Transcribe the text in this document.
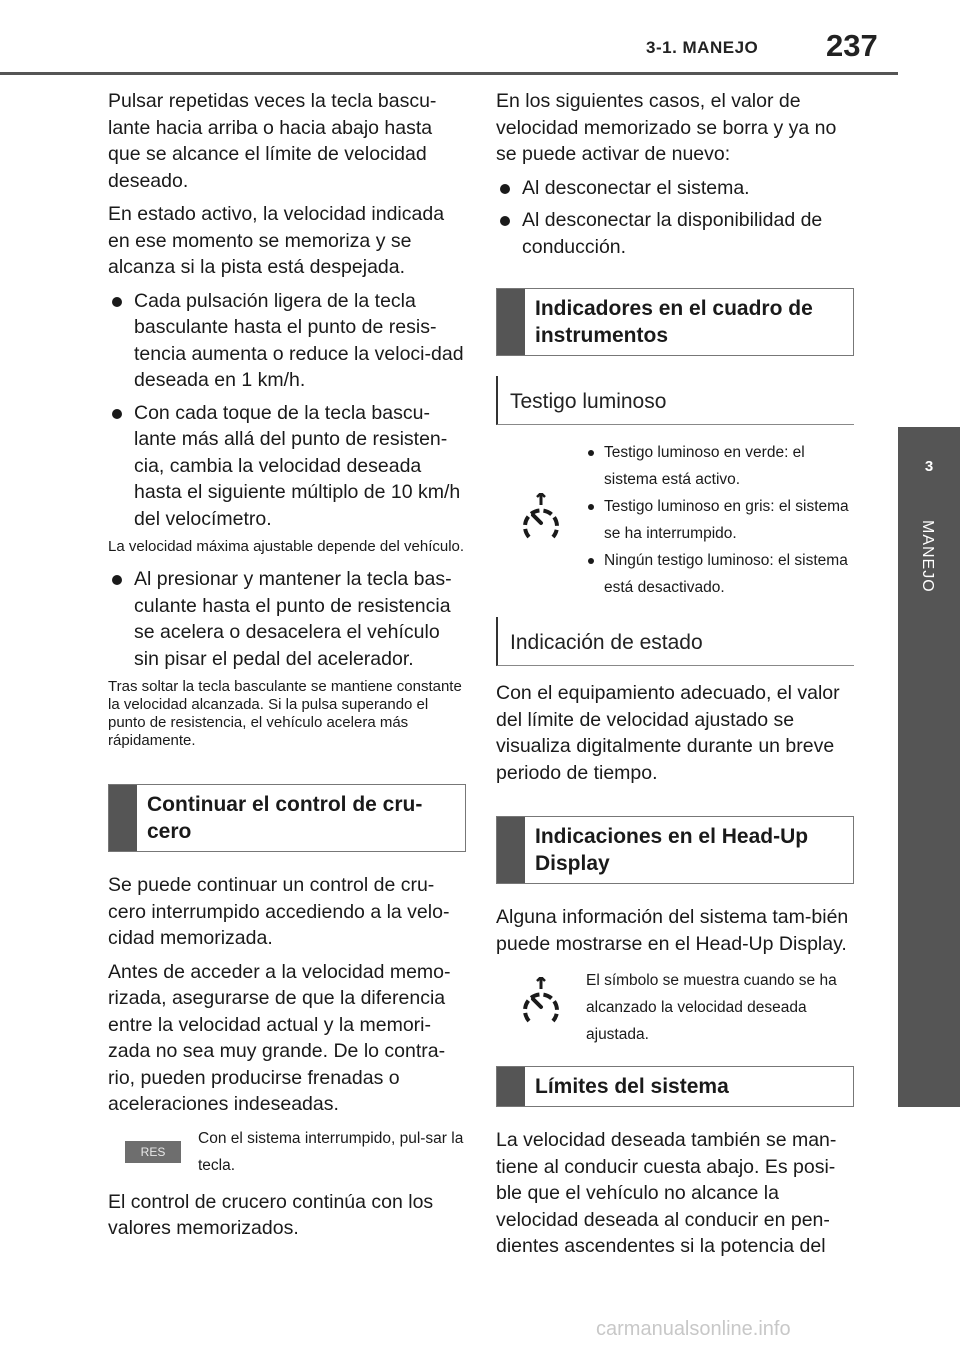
3-1. MANEJO 237
3
MANEJO

Pulsar repetidas veces la tecla bascu-lante hacia arriba o hacia abajo hasta que se alcance el límite de velocidad deseado.

En estado activo, la velocidad indicada en ese momento se memoriza y se alcanza si la pista está despejada.

Cada pulsación ligera de la tecla basculante hasta el punto de resis-tencia aumenta o reduce la veloci-dad deseada en 1 km/h.
Con cada toque de la tecla bascu-lante más allá del punto de resisten-cia, cambia la velocidad deseada hasta el siguiente múltiplo de 10 km/h del velocímetro.

La velocidad máxima ajustable depende del vehículo.

Al presionar y mantener la tecla bas-culante hasta el punto de resistencia se acelera o desacelera el vehículo sin pisar el pedal del acelerador.

Tras soltar la tecla basculante se mantiene constante la velocidad alcanzada. Si la pulsa superando el punto de resistencia, el vehículo acelera más rápidamente.

Continuar el control de cru-cero

Se puede continuar un control de cru-cero interrumpido accediendo a la velo-cidad memorizada.

Antes de acceder a la velocidad memo-rizada, asegurarse de que la diferencia entre la velocidad actual y la memori-zada no sea muy grande. De lo contra-rio, pueden producirse frenadas o aceleraciones indeseadas.

RES
Con el sistema interrumpido, pul-sar la tecla.

El control de crucero continúa con los valores memorizados.

En los siguientes casos, el valor de velocidad memorizado se borra y ya no se puede activar de nuevo:

Al desconectar el sistema.
Al desconectar la disponibilidad de conducción.
Indicadores en el cuadro de instrumentos
Testigo luminoso
Testigo luminoso en verde: el sistema está activo.
Testigo luminoso en gris: el sistema se ha interrumpido.
Ningún testigo luminoso: el sistema está desactivado.
Indicación de estado

Con el equipamiento adecuado, el valor del límite de velocidad ajustado se visualiza digitalmente durante un breve periodo de tiempo.

Indicaciones en el Head-Up Display

Alguna información del sistema tam-bién puede mostrarse en el Head-Up Display.

El símbolo se muestra cuando se ha alcanzado la velocidad deseada ajustada.
Límites del sistema

La velocidad deseada también se man-tiene al conducir cuesta abajo. Es posi-ble que el vehículo no alcance la velocidad deseada al conducir en pen-dientes ascendentes si la potencia del

carmanualsonline.info
